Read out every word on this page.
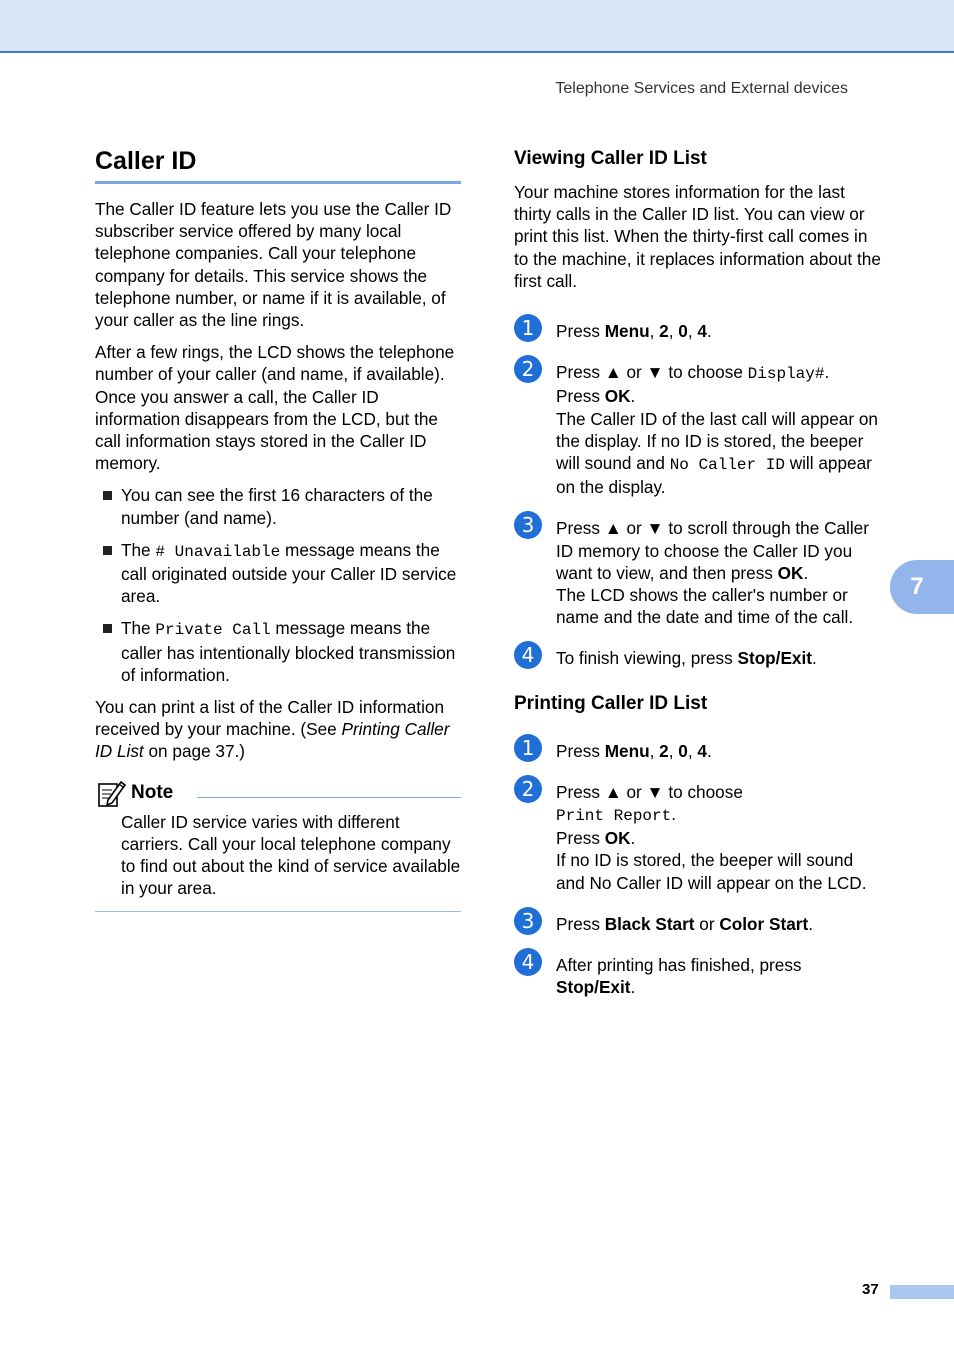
Telephone Services and External devices
Caller ID

The Caller ID feature lets you use the Caller ID subscriber service offered by many local telephone companies. Call your telephone company for details. This service shows the telephone number, or name if it is available, of your caller as the line rings.

After a few rings, the LCD shows the telephone number of your caller (and name, if available). Once you answer a call, the Caller ID information disappears from the LCD, but the call information stays stored in the Caller ID memory.

You can see the first 16 characters of the number (and name).
The # Unavailable message means the call originated outside your Caller ID service area.
The Private Call message means the caller has intentionally blocked transmission of information.

You can print a list of the Caller ID information received by your machine. (See Printing Caller ID List on page 37.)

Note

Caller ID service varies with different carriers. Call your local telephone company to find out about the kind of service available in your area.

Viewing Caller ID List

Your machine stores information for the last thirty calls in the Caller ID list. You can view or print this list. When the thirty-first call comes in to the machine, it replaces information about the first call.

1	Press Menu, 2, 0, 4.
2	Press ▲ or ▼ to choose Display#.
Press OK.
The Caller ID of the last call will appear on the display. If no ID is stored, the beeper will sound and No Caller ID will appear on the display.
3	Press ▲ or ▼ to scroll through the Caller ID memory to choose the Caller ID you want to view, and then press OK.
The LCD shows the caller's number or name and the date and time of the call.
4	To finish viewing, press Stop/Exit.
Printing Caller ID List
1	Press Menu, 2, 0, 4.
2	Press ▲ or ▼ to choose
Print Report.
Press OK.
If no ID is stored, the beeper will sound and No Caller ID will appear on the LCD.
3	Press Black Start or Color Start.
4	After printing has finished, press
Stop/Exit.
7
37
